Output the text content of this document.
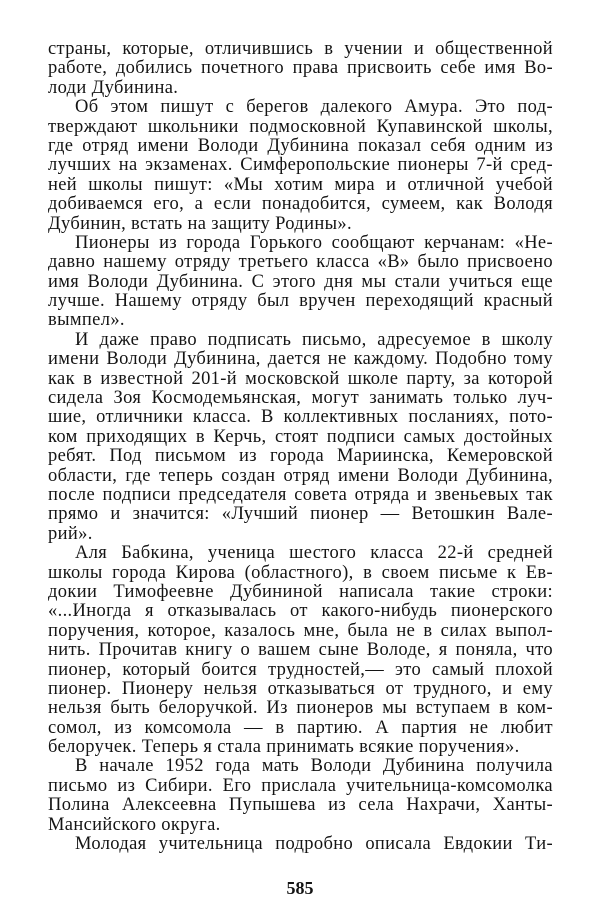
страны, которые, отличившись в учении и общественной
работе, добились почетного права присвоить себе имя Во-
лоди Дубинина.
Об этом пишут с берегов далекого Амура. Это под-
тверждают школьники подмосковной Купавинской школы,
где отряд имени Володи Дубинина показал себя одним из
лучших на экзаменах. Симферопольские пионеры 7-й сред-
ней школы пишут: «Мы хотим мира и отличной учебой
добиваемся его, а если понадобится, сумеем, как Володя
Дубинин, встать на защиту Родины».
Пионеры из города Горького сообщают керчанам: «Не-
давно нашему отряду третьего класса «В» было присвоено
имя Володи Дубинина. С этого дня мы стали учиться еще
лучше. Нашему отряду был вручен переходящий красный
вымпел».
И даже право подписать письмо, адресуемое в школу
имени Володи Дубинина, дается не каждому. Подобно тому
как в известной 201-й московской школе парту, за которой
сидела Зоя Космодемьянская, могут занимать только луч-
шие, отличники класса. В коллективных посланиях, пото-
ком приходящих в Керчь, стоят подписи самых достойных
ребят. Под письмом из города Мариинска, Кемеровской
области, где теперь создан отряд имени Володи Дубинина,
после подписи председателя совета отряда и звеньевых так
прямо и значится: «Лучший пионер — Ветошкин Вале-
рий».
Аля Бабкина, ученица шестого класса 22-й средней
школы города Кирова (областного), в своем письме к Ев-
докии Тимофеевне Дубининой написала такие строки:
«...Иногда я отказывалась от какого-нибудь пионерского
поручения, которое, казалось мне, была не в силах выпол-
нить. Прочитав книгу о вашем сыне Володе, я поняла, что
пионер, который боится трудностей,— это самый плохой
пионер. Пионеру нельзя отказываться от трудного, и ему
нельзя быть белоручкой. Из пионеров мы вступаем в ком-
сомол, из комсомола — в партию. А партия не любит
белоручек. Теперь я стала принимать всякие поручения».
В начале 1952 года мать Володи Дубинина получила
письмо из Сибири. Его прислала учительница-комсомолка
Полина Алексеевна Пупышева из села Нахрачи, Ханты-
Мансийского округа.
Молодая учительница подробно описала Евдокии Ти-
585
